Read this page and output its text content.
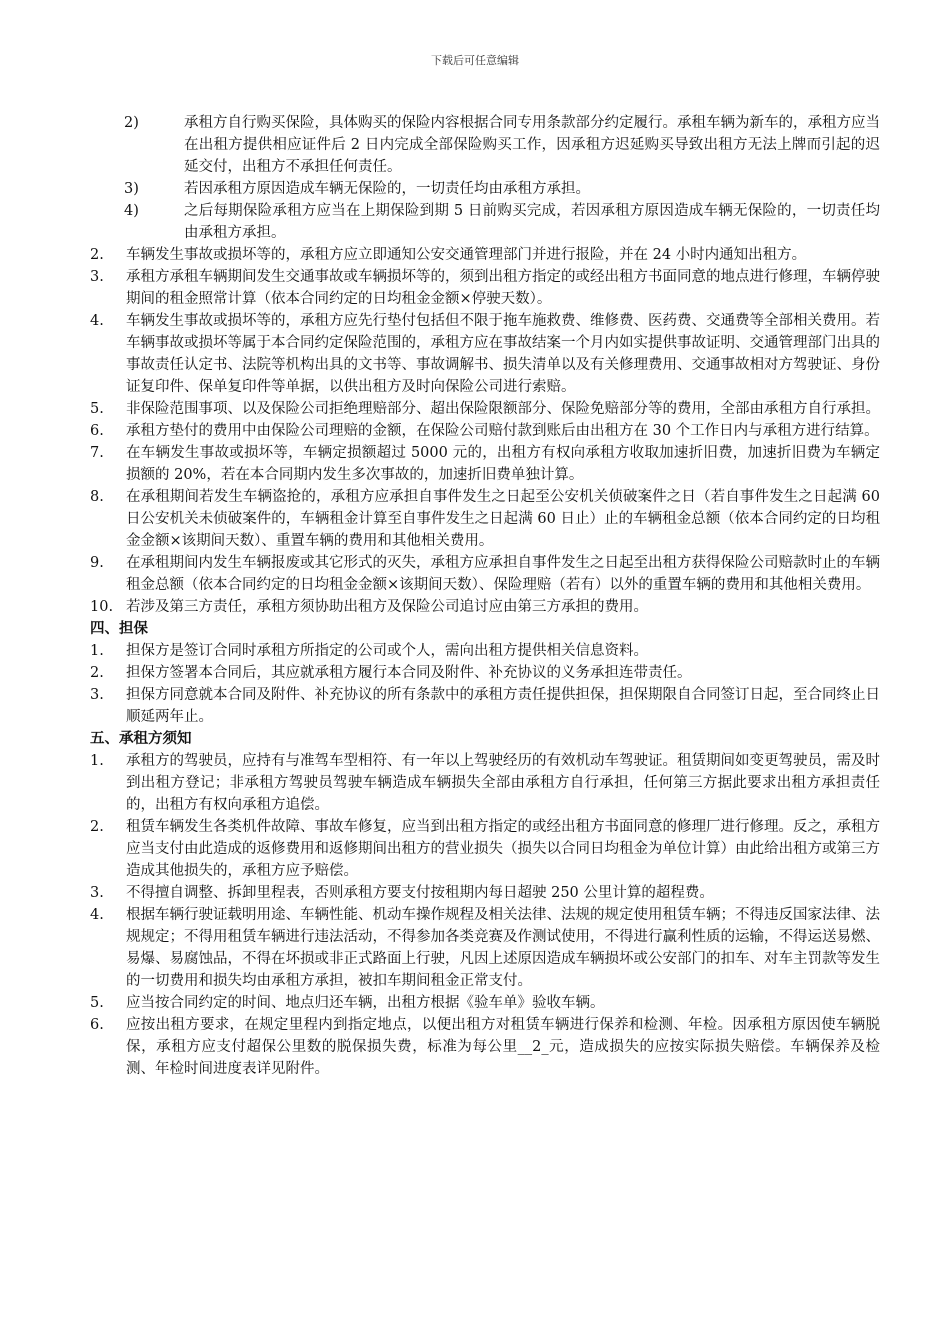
下载后可任意编辑
2)	承租方自行购买保险，具体购买的保险内容根据合同专用条款部分约定履行。承租车辆为新车的，承租方应当在出租方提供相应证件后 2 日内完成全部保险购买工作，因承租方迟延购买导致出租方无法上牌而引起的迟延交付，出租方不承担任何责任。
3)	若因承租方原因造成车辆无保险的，一切责任均由承租方承担。
4)	之后每期保险承租方应当在上期保险到期 5 日前购买完成，若因承租方原因造成车辆无保险的，一切责任均由承租方承担。
2.	车辆发生事故或损坏等的，承租方应立即通知公安交通管理部门并进行报险，并在 24 小时内通知出租方。
3.	承租方承租车辆期间发生交通事故或车辆损坏等的，须到出租方指定的或经出租方书面同意的地点进行修理，车辆停驶期间的租金照常计算（依本合同约定的日均租金金额×停驶天数）。
4.	车辆发生事故或损坏等的，承租方应先行垫付包括但不限于拖车施救费、维修费、医药费、交通费等全部相关费用。若车辆事故或损坏等属于本合同约定保险范围的，承租方应在事故结案一个月内如实提供事故证明、交通管理部门出具的事故责任认定书、法院等机构出具的文书等、事故调解书、损失清单以及有关修理费用、交通事故相对方驾驶证、身份证复印件、保单复印件等单据，以供出租方及时向保险公司进行索赔。
5.	非保险范围事项、以及保险公司拒绝理赔部分、超出保险限额部分、保险免赔部分等的费用，全部由承租方自行承担。
6.	承租方垫付的费用中由保险公司理赔的金额，在保险公司赔付款到账后由出租方在 30 个工作日内与承租方进行结算。
7.	在车辆发生事故或损坏等，车辆定损额超过 5000 元的，出租方有权向承租方收取加速折旧费，加速折旧费为车辆定损额的 20%，若在本合同期内发生多次事故的，加速折旧费单独计算。
8.	在承租期间若发生车辆盗抢的，承租方应承担自事件发生之日起至公安机关侦破案件之日（若自事件发生之日起满 60 日公安机关未侦破案件的，车辆租金计算至自事件发生之日起满 60 日止）止的车辆租金总额（依本合同约定的日均租金金额×该期间天数）、重置车辆的费用和其他相关费用。
9.	在承租期间内发生车辆报废或其它形式的灭失，承租方应承担自事件发生之日起至出租方获得保险公司赔款时止的车辆租金总额（依本合同约定的日均租金金额×该期间天数）、保险理赔（若有）以外的重置车辆的费用和其他相关费用。
10. 若涉及第三方责任，承租方须协助出租方及保险公司追讨应由第三方承担的费用。
四、担保
1.	担保方是签订合同时承租方所指定的公司或个人，需向出租方提供相关信息资料。
2.	担保方签署本合同后，其应就承租方履行本合同及附件、补充协议的义务承担连带责任。
3.	担保方同意就本合同及附件、补充协议的所有条款中的承租方责任提供担保，担保期限自合同签订日起，至合同终止日顺延两年止。
五、承租方须知
1.	承租方的驾驶员，应持有与准驾车型相符、有一年以上驾驶经历的有效机动车驾驶证。租赁期间如变更驾驶员，需及时到出租方登记；非承租方驾驶员驾驶车辆造成车辆损失全部由承租方自行承担，任何第三方据此要求出租方承担责任的，出租方有权向承租方追偿。
2.	租赁车辆发生各类机件故障、事故车修复，应当到出租方指定的或经出租方书面同意的修理厂进行修理。反之，承租方应当支付由此造成的返修费用和返修期间出租方的营业损失（损失以合同日均租金为单位计算）由此给出租方或第三方造成其他损失的，承租方应予赔偿。
3.	不得擅自调整、拆卸里程表，否则承租方要支付按租期内每日超驶 250 公里计算的超程费。
4.	根据车辆行驶证载明用途、车辆性能、机动车操作规程及相关法律、法规的规定使用租赁车辆；不得违反国家法律、法规规定；不得用租赁车辆进行违法活动，不得参加各类竞赛及作测试使用，不得进行赢利性质的运输，不得运送易燃、易爆、易腐蚀品，不得在坏损或非正式路面上行驶，凡因上述原因造成车辆损坏或公安部门的扣车、对车主罚款等发生的一切费用和损失均由承租方承担，被扣车期间租金正常支付。
5.	应当按合同约定的时间、地点归还车辆，出租方根据《验车单》验收车辆。
6.	应按出租方要求，在规定里程内到指定地点，以便出租方对租赁车辆进行保养和检测、年检。因承租方原因使车辆脱保，承租方应支付超保公里数的脱保损失费，标准为每公里__2_元，造成损失的应按实际损失赔偿。车辆保养及检测、年检时间进度表详见附件。
